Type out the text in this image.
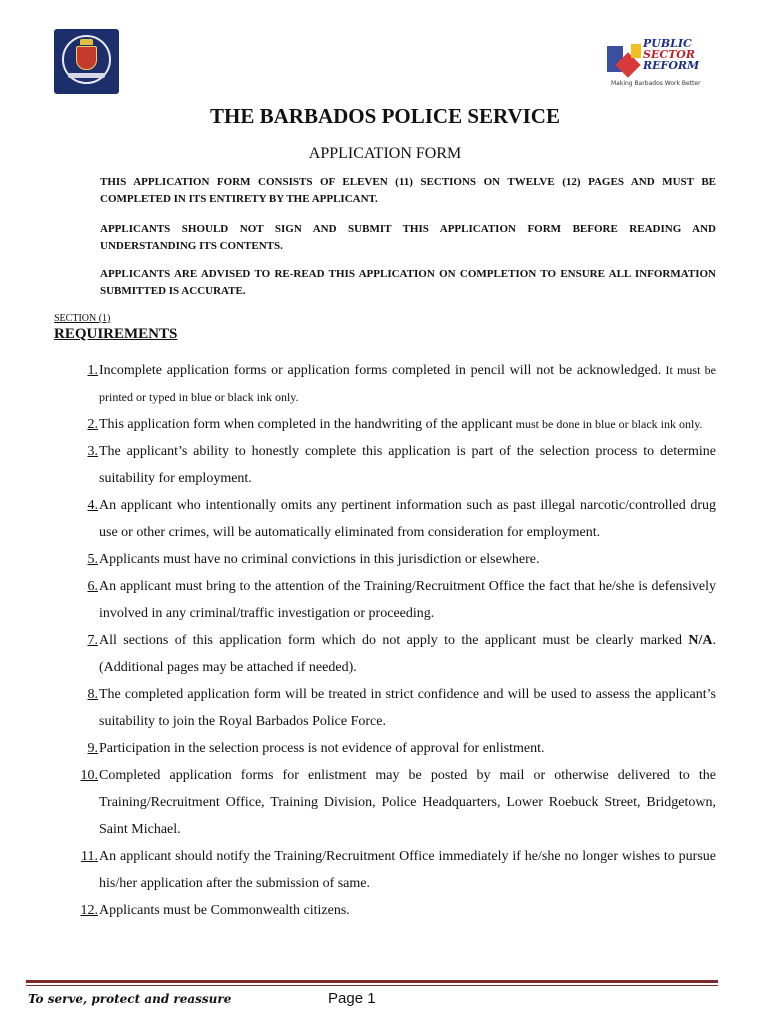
PUBLIC
SECTOR
REFORM
Making Barbados Work Better
THE BARBADOS POLICE SERVICE
APPLICATION FORM
THIS APPLICATION FORM CONSISTS OF ELEVEN (11) SECTIONS ON TWELVE (12) PAGES AND MUST BE COMPLETED IN ITS ENTIRETY BY THE APPLICANT.
APPLICANTS SHOULD NOT SIGN AND SUBMIT THIS APPLICATION FORM BEFORE READING AND UNDERSTANDING ITS CONTENTS.
APPLICANTS ARE ADVISED TO RE-READ THIS APPLICATION ON COMPLETION TO ENSURE ALL INFORMATION SUBMITTED IS ACCURATE.
SECTION (1)
REQUIREMENTS
1. Incomplete application forms or application forms completed in pencil will not be acknowledged. It must be printed or typed in blue or black ink only.
2. This application form when completed in the handwriting of the applicant must be done in blue or black ink only.
3. The applicant’s ability to honestly complete this application is part of the selection process to determine suitability for employment.
4. An applicant who intentionally omits any pertinent information such as past illegal narcotic/controlled drug use or other crimes, will be automatically eliminated from consideration for employment.
5. Applicants must have no criminal convictions in this jurisdiction or elsewhere.
6. An applicant must bring to the attention of the Training/Recruitment Office the fact that he/she is defensively involved in any criminal/traffic investigation or proceeding.
7. All sections of this application form which do not apply to the applicant must be clearly marked N/A. (Additional pages may be attached if needed).
8. The completed application form will be treated in strict confidence and will be used to assess the applicant’s suitability to join the Royal Barbados Police Force.
9. Participation in the selection process is not evidence of approval for enlistment.
10. Completed application forms for enlistment may be posted by mail or otherwise delivered to the Training/Recruitment Office, Training Division, Police Headquarters, Lower Roebuck Street, Bridgetown, Saint Michael.
11. An applicant should notify the Training/Recruitment Office immediately if he/she no longer wishes to pursue his/her application after the submission of same.
12. Applicants must be Commonwealth citizens.
To serve, protect and reassure	Page 1
